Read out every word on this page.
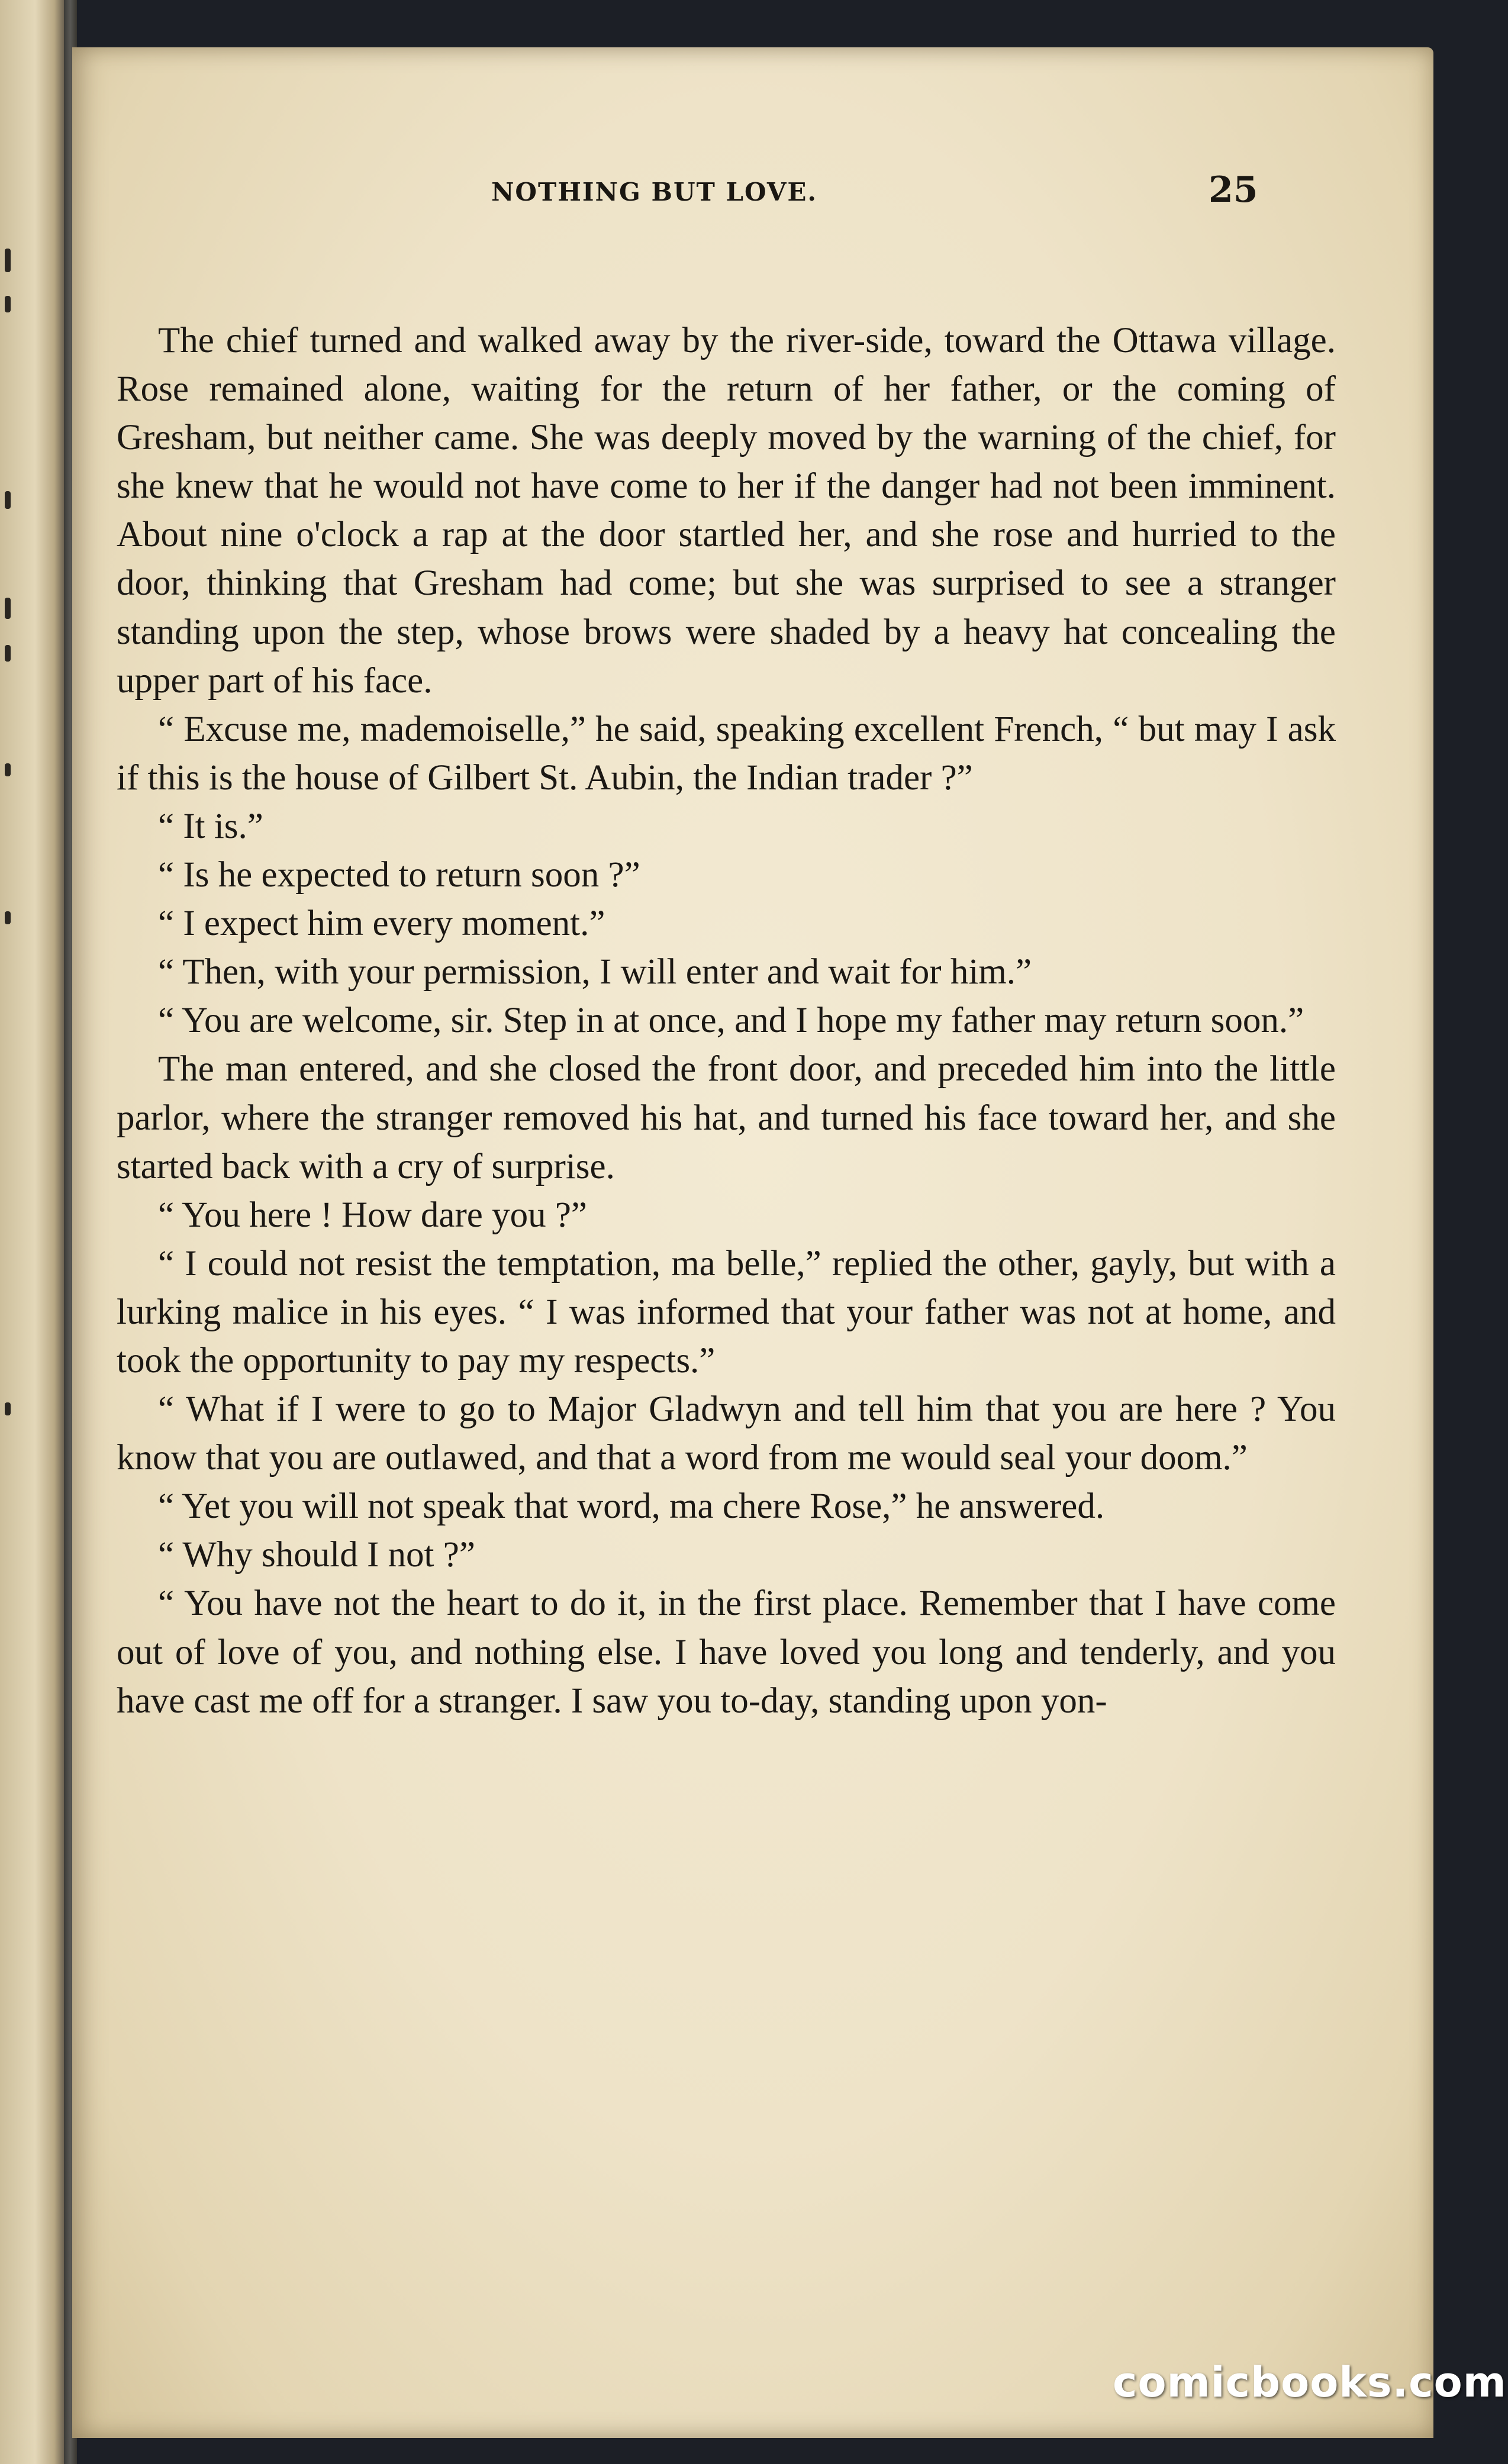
NOTHING BUT LOVE.	25

The chief turned and walked away by the river-side, toward the Ottawa village. Rose remained alone, waiting for the return of her father, or the coming of Gresham, but neither came. She was deeply moved by the warning of the chief, for she knew that he would not have come to her if the danger had not been imminent. About nine o'clock a rap at the door startled her, and she rose and hurried to the door, thinking that Gresham had come; but she was surprised to see a stranger standing upon the step, whose brows were shaded by a heavy hat concealing the upper part of his face.

“ Excuse me, mademoiselle,” he said, speaking excellent French, “ but may I ask if this is the house of Gilbert St. Aubin, the Indian trader ?”

“ It is.”

“ Is he expected to return soon ?”

“ I expect him every moment.”

“ Then, with your permission, I will enter and wait for him.”

“ You are welcome, sir. Step in at once, and I hope my father may return soon.”

The man entered, and she closed the front door, and preceded him into the little parlor, where the stranger removed his hat, and turned his face toward her, and she started back with a cry of surprise.

“ You here ! How dare you ?”

“ I could not resist the temptation, ma belle,” replied the other, gayly, but with a lurking malice in his eyes. “ I was informed that your father was not at home, and took the opportunity to pay my respects.”

“ What if I were to go to Major Gladwyn and tell him that you are here ? You know that you are outlawed, and that a word from me would seal your doom.”

“ Yet you will not speak that word, ma chere Rose,” he answered.

“ Why should I not ?”

“ You have not the heart to do it, in the first place. Remember that I have come out of love of you, and nothing else. I have loved you long and tenderly, and you have cast me off for a stranger. I saw you to-day, standing upon yon-

comicbooks.com
